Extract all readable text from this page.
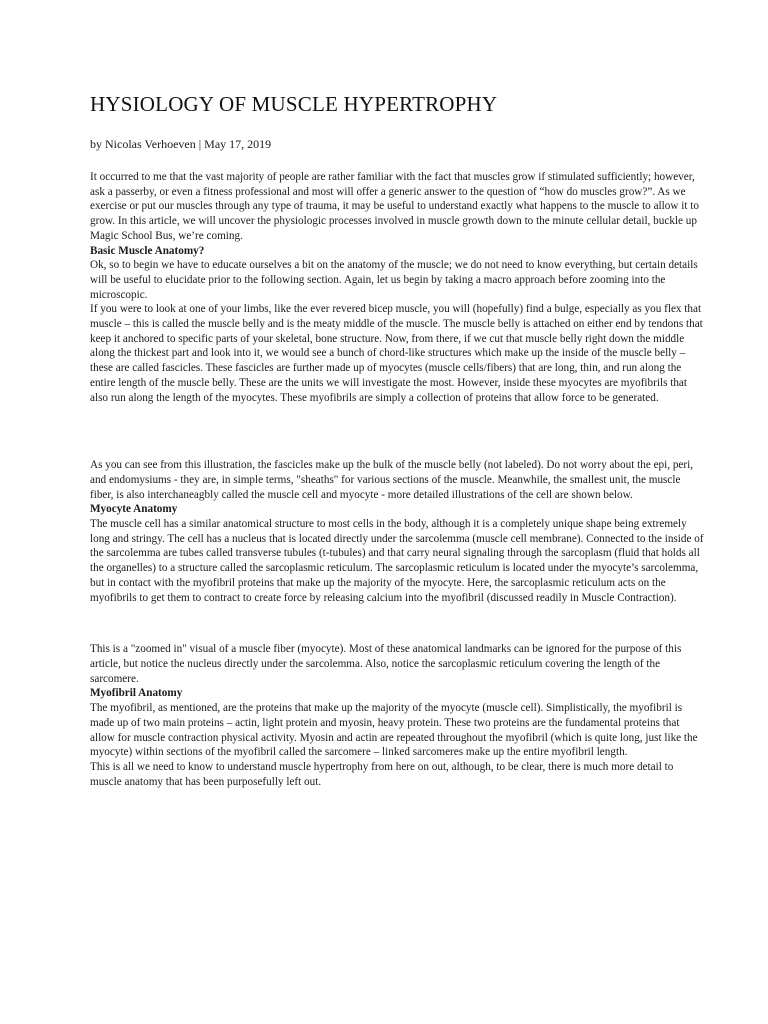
HYSIOLOGY OF MUSCLE HYPERTROPHY
by Nicolas Verhoeven | May 17, 2019

It occurred to me that the vast majority of people are rather familiar with the fact that muscles grow if stimulated sufficiently; however, ask a passerby, or even a fitness professional and most will offer a generic answer to the question of “how do muscles grow?”. As we exercise or put our muscles through any type of trauma, it may be useful to understand exactly what happens to the muscle to allow it to grow. In this article, we will uncover the physiologic processes involved in muscle growth down to the minute cellular detail, buckle up Magic School Bus, we’re coming.

Basic Muscle Anatomy?

Ok, so to begin we have to educate ourselves a bit on the anatomy of the muscle; we do not need to know everything, but certain details will be useful to elucidate prior to the following section. Again, let us begin by taking a macro approach before zooming into the microscopic.

If you were to look at one of your limbs, like the ever revered bicep muscle, you will (hopefully) find a bulge, especially as you flex that muscle – this is called the muscle belly and is the meaty middle of the muscle. The muscle belly is attached on either end by tendons that keep it anchored to specific parts of your skeletal, bone structure. Now, from there, if we cut that muscle belly right down the middle along the thickest part and look into it, we would see a bunch of chord-like structures which make up the inside of the muscle belly – these are called fascicles. These fascicles are further made up of myocytes (muscle cells/fibers) that are long, thin, and run along the entire length of the muscle belly. These are the units we will investigate the most. However, inside these myocytes are myofibrils that also run along the length of the myocytes. These myofibrils are simply a collection of proteins that allow force to be generated.

As you can see from this illustration, the fascicles make up the bulk of the muscle belly (not labeled). Do not worry about the epi, peri, and endomysiums - they are, in simple terms, "sheaths" for various sections of the muscle. Meanwhile, the smallest unit, the muscle fiber, is also interchaneagbly called the muscle cell and myocyte - more detailed illustrations of the cell are shown below.

Myocyte Anatomy

The muscle cell has a similar anatomical structure to most cells in the body, although it is a completely unique shape being extremely long and stringy. The cell has a nucleus that is located directly under the sarcolemma (muscle cell membrane). Connected to the inside of the sarcolemma are tubes called transverse tubules (t-tubules) and that carry neural signaling through the sarcoplasm (fluid that holds all the organelles) to a structure called the sarcoplasmic reticulum. The sarcoplasmic reticulum is located under the myocyte’s sarcolemma, but in contact with the myofibril proteins that make up the majority of the myocyte. Here, the sarcoplasmic reticulum acts on the myofibrils to get them to contract to create force by releasing calcium into the myofibril (discussed readily in Muscle Contraction).

This is a "zoomed in" visual of a muscle fiber (myocyte). Most of these anatomical landmarks can be ignored for the purpose of this article, but notice the nucleus directly under the sarcolemma. Also, notice the sarcoplasmic reticulum covering the length of the sarcomere.

Myofibril Anatomy

The myofibril, as mentioned, are the proteins that make up the majority of the myocyte (muscle cell). Simplistically, the myofibril is made up of two main proteins – actin, light protein and myosin, heavy protein. These two proteins are the fundamental proteins that allow for muscle contraction physical activity. Myosin and actin are repeated throughout the myofibril (which is quite long, just like the myocyte) within sections of the myofibril called the sarcomere – linked sarcomeres make up the entire myofibril length.

This is all we need to know to understand muscle hypertrophy from here on out, although, to be clear, there is much more detail to muscle anatomy that has been purposefully left out.
